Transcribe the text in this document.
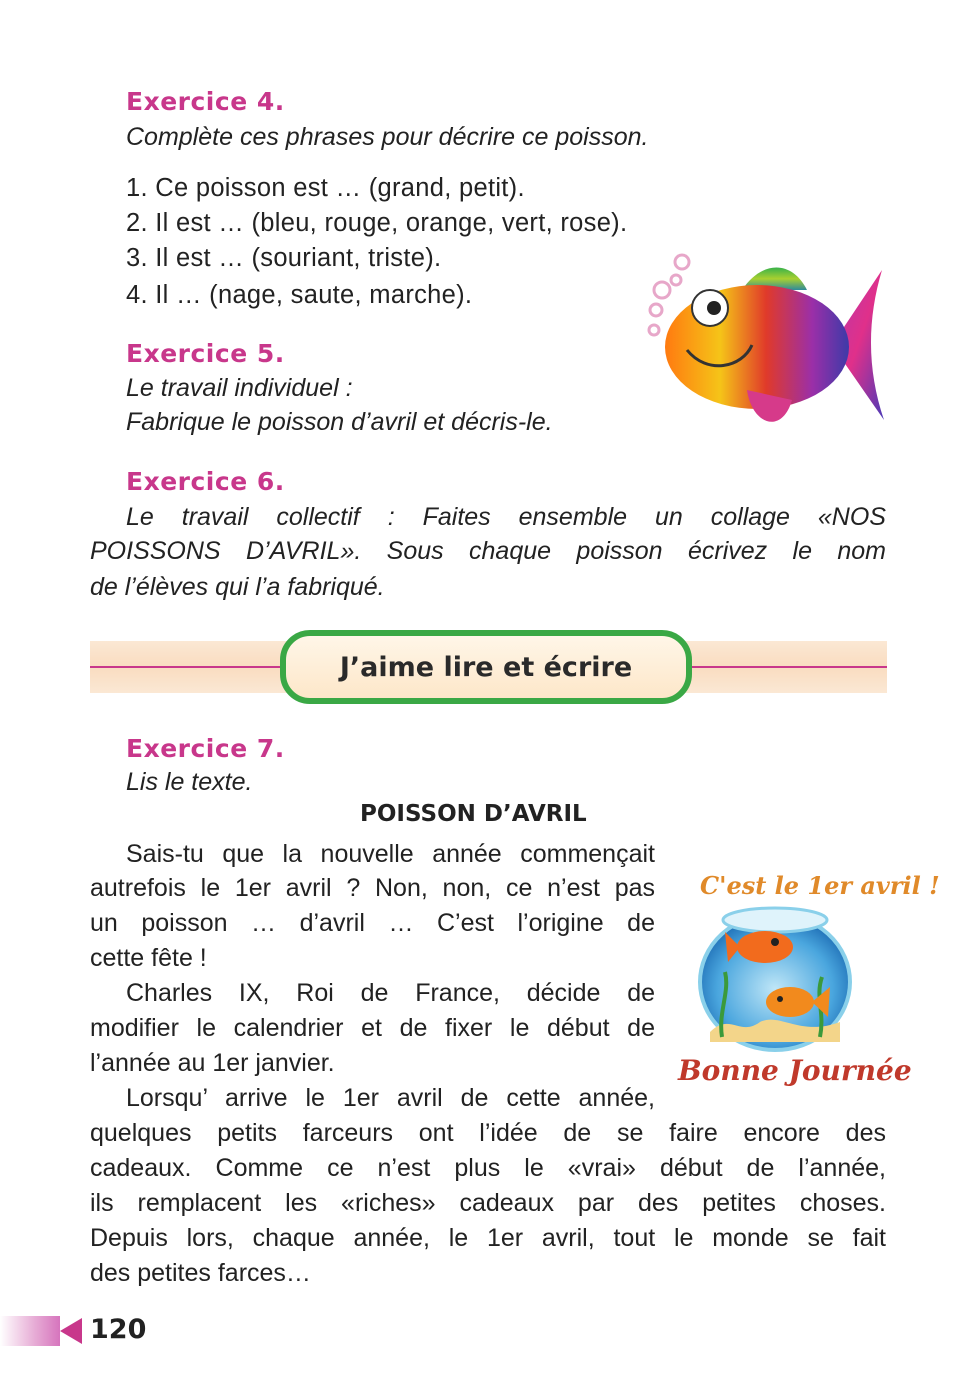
Exercice 4.
Complète ces phrases pour décrire ce poisson.
1. Ce poisson est … (grand, petit).
2. Il est … (bleu, rouge, orange, vert, rose).
3. Il est … (souriant, triste).
4. Il … (nage, saute, marche).
Exercice 5.
Le travail individuel :
Fabrique le poisson d’avril et décris-le.
Exercice 6.
Le travail collectif : Faites ensemble un collage «NOS
POISSONS D’AVRIL». Sous chaque poisson écrivez le nom
de l’élèves qui l’a fabriqué.
J’aime lire et écrire
Exercice 7.
Lis le texte.
POISSON D’AVRIL
Sais-tu que la nouvelle année commençait
autrefois le 1er avril ? Non, non, ce n’est pas
un poisson … d’avril … C’est l’origine de
cette fête !
Charles IX, Roi de France, décide de
modifier le calendrier et de fixer le début de
l’année au 1er janvier.
Lorsqu’ arrive le 1er avril de cette année,
quelques petits farceurs ont l’idée de se faire encore des
cadeaux. Comme ce n’est plus le «vrai» début de l’année,
ils remplacent les «riches» cadeaux par des petites choses.
Depuis lors, chaque année, le 1er avril, tout le monde se fait
des petites farces…
C'est le 1er avril !
Bonne Journée
120
